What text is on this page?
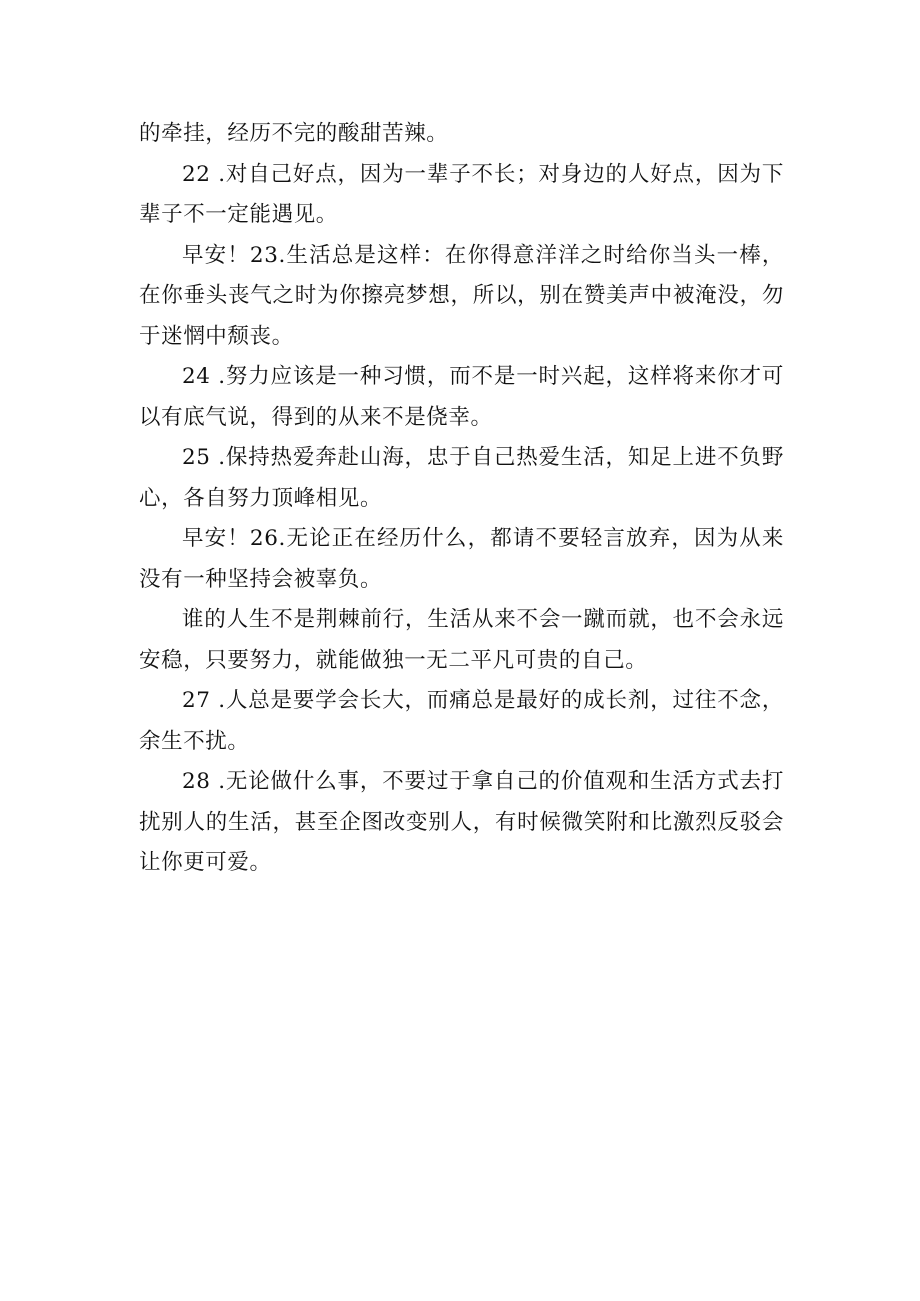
的牵挂，经历不完的酸甜苦辣。

22 .对自己好点，因为一辈子不长；对身边的人好点，因为下辈子不一定能遇见。

早安！23.生活总是这样：在你得意洋洋之时给你当头一棒，在你垂头丧气之时为你擦亮梦想，所以，别在赞美声中被淹没，勿于迷惘中颓丧。

24 .努力应该是一种习惯，而不是一时兴起，这样将来你才可以有底气说，得到的从来不是侥幸。

25 .保持热爱奔赴山海，忠于自己热爱生活，知足上进不负野心，各自努力顶峰相见。

早安！26.无论正在经历什么，都请不要轻言放弃，因为从来没有一种坚持会被辜负。

谁的人生不是荆棘前行，生活从来不会一蹴而就，也不会永远安稳，只要努力，就能做独一无二平凡可贵的自己。

27 .人总是要学会长大，而痛总是最好的成长剂，过往不念，余生不扰。

28 .无论做什么事，不要过于拿自己的价值观和生活方式去打扰别人的生活，甚至企图改变别人，有时候微笑附和比激烈反驳会让你更可爱。
